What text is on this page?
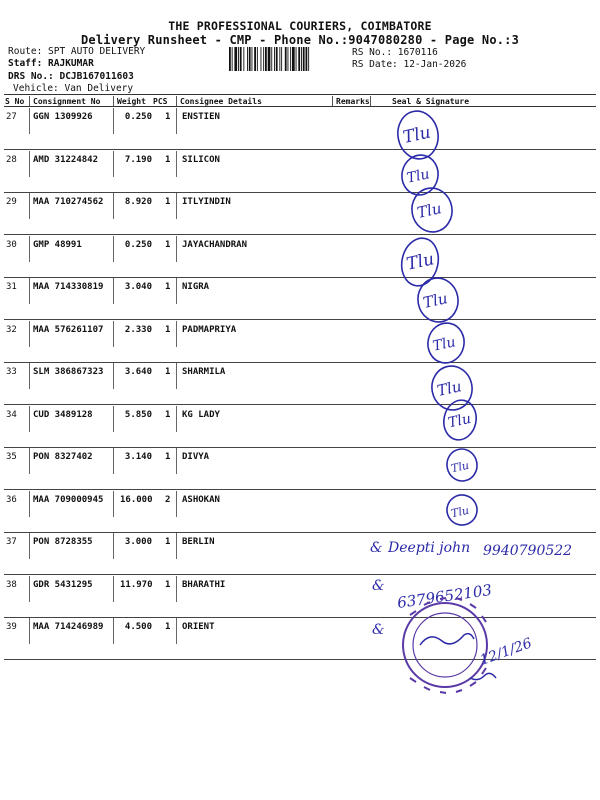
THE PROFESSIONAL COURIERS, COIMBATORE
Delivery Runsheet - CMP - Phone No.:9047080280 - Page No.:3
Route: SPT AUTO DELIVERY
Staff: RAJKUMAR
DRS No.: DCJB167011603
Vehicle: Van Delivery
RS No.: 1670116
RS Date: 12-Jan-2026
S No Consignment No Weight PCS Consignee Details	Remarks	Seal & Signature
27 GGN 1309926	0.250 1 ENSTIEN
28 AMD 31224842	7.190 1 SILICON
29 MAA 710274562	8.920 1 ITLYINDIN
30 GMP 48991	0.250 1 JAYACHANDRAN
31 MAA 714330819	3.040 1 NIGRA
32 MAA 576261107	2.330 1 PADMAPRIYA
33 SLM 386867323	3.640 1 SHARMILA
34 CUD 3489128	5.850 1 KG LADY
35 PON 8327402	3.140 1 DIVYA
36 MAA 709000945 16.000 2 ASHOKAN
37 PON 8728355	3.000 1 BERLIN
38 GDR 5431295	11.970 1 BHARATHI
39 MAA 714246989	4.500 1 ORIENT
Tlu
Tlu
Tlu
Tlu
Tlu
Tlu
Tlu
Tlu
Tlu
Tlu
& Deepti john 9940790522
& 6379652103
&
12/1/26
